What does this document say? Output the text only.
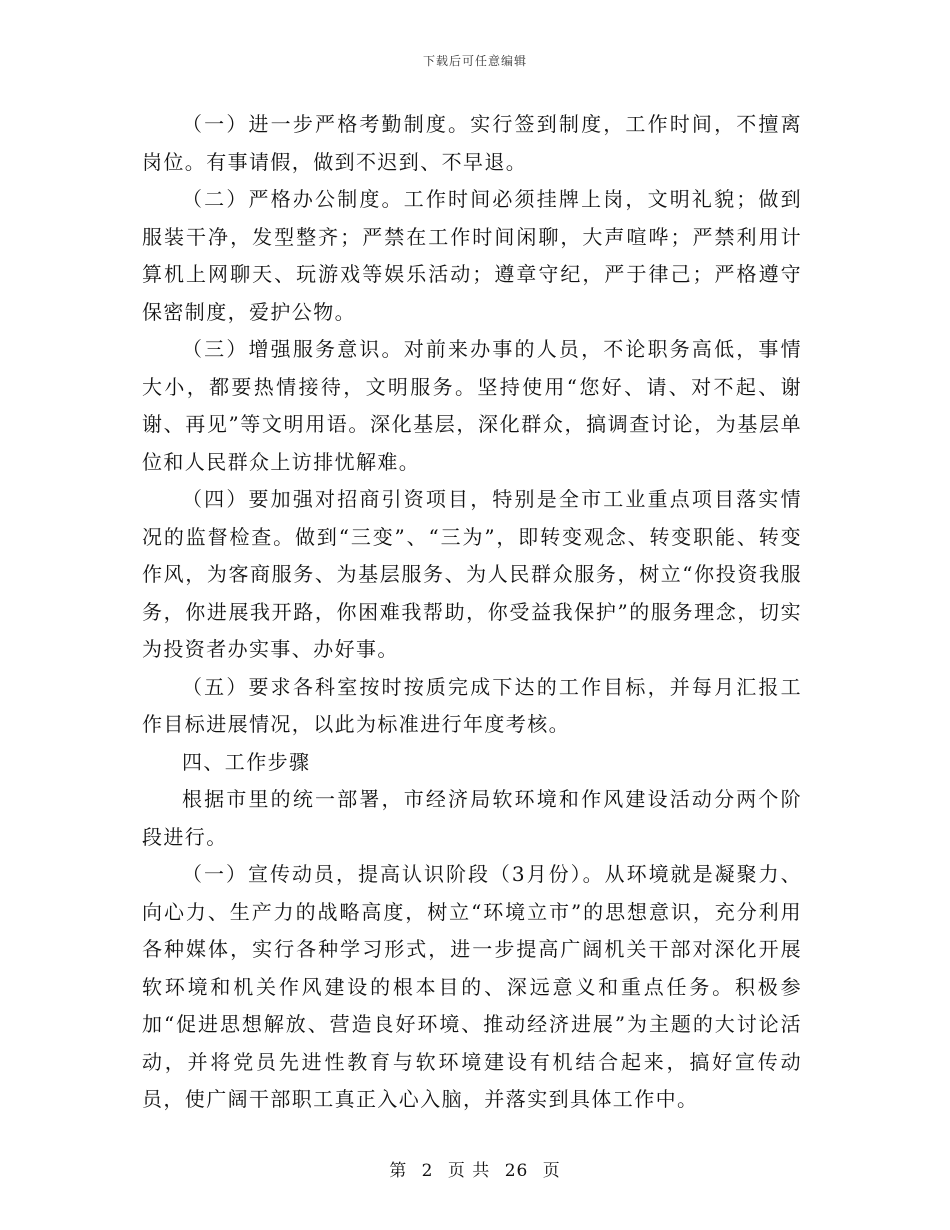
下载后可任意编辑

（一）进一步严格考勤制度。实行签到制度，工作时间，不擅离岗位。有事请假，做到不迟到、不早退。

（二）严格办公制度。工作时间必须挂牌上岗，文明礼貌；做到服装干净，发型整齐；严禁在工作时间闲聊，大声喧哗；严禁利用计算机上网聊天、玩游戏等娱乐活动；遵章守纪，严于律己；严格遵守保密制度，爱护公物。

（三）增强服务意识。对前来办事的人员，不论职务高低，事情大小，都要热情接待，文明服务。坚持使用“您好、请、对不起、谢谢、再见”等文明用语。深化基层，深化群众，搞调查讨论，为基层单位和人民群众上访排忧解难。

（四）要加强对招商引资项目，特别是全市工业重点项目落实情况的监督检查。做到“三变”、“三为”，即转变观念、转变职能、转变作风，为客商服务、为基层服务、为人民群众服务，树立“你投资我服务，你进展我开路，你困难我帮助，你受益我保护”的服务理念，切实为投资者办实事、办好事。

（五）要求各科室按时按质完成下达的工作目标，并每月汇报工作目标进展情况，以此为标准进行年度考核。

四、工作步骤

根据市里的统一部署，市经济局软环境和作风建设活动分两个阶段进行。

（一）宣传动员，提高认识阶段（3月份）。从环境就是凝聚力、向心力、生产力的战略高度，树立“环境立市”的思想意识，充分利用各种媒体，实行各种学习形式，进一步提高广阔机关干部对深化开展软环境和机关作风建设的根本目的、深远意义和重点任务。积极参加“促进思想解放、营造良好环境、推动经济进展”为主题的大讨论活动，并将党员先进性教育与软环境建设有机结合起来，搞好宣传动员，使广阔干部职工真正入心入脑，并落实到具体工作中。

第 2 页 共 26 页
